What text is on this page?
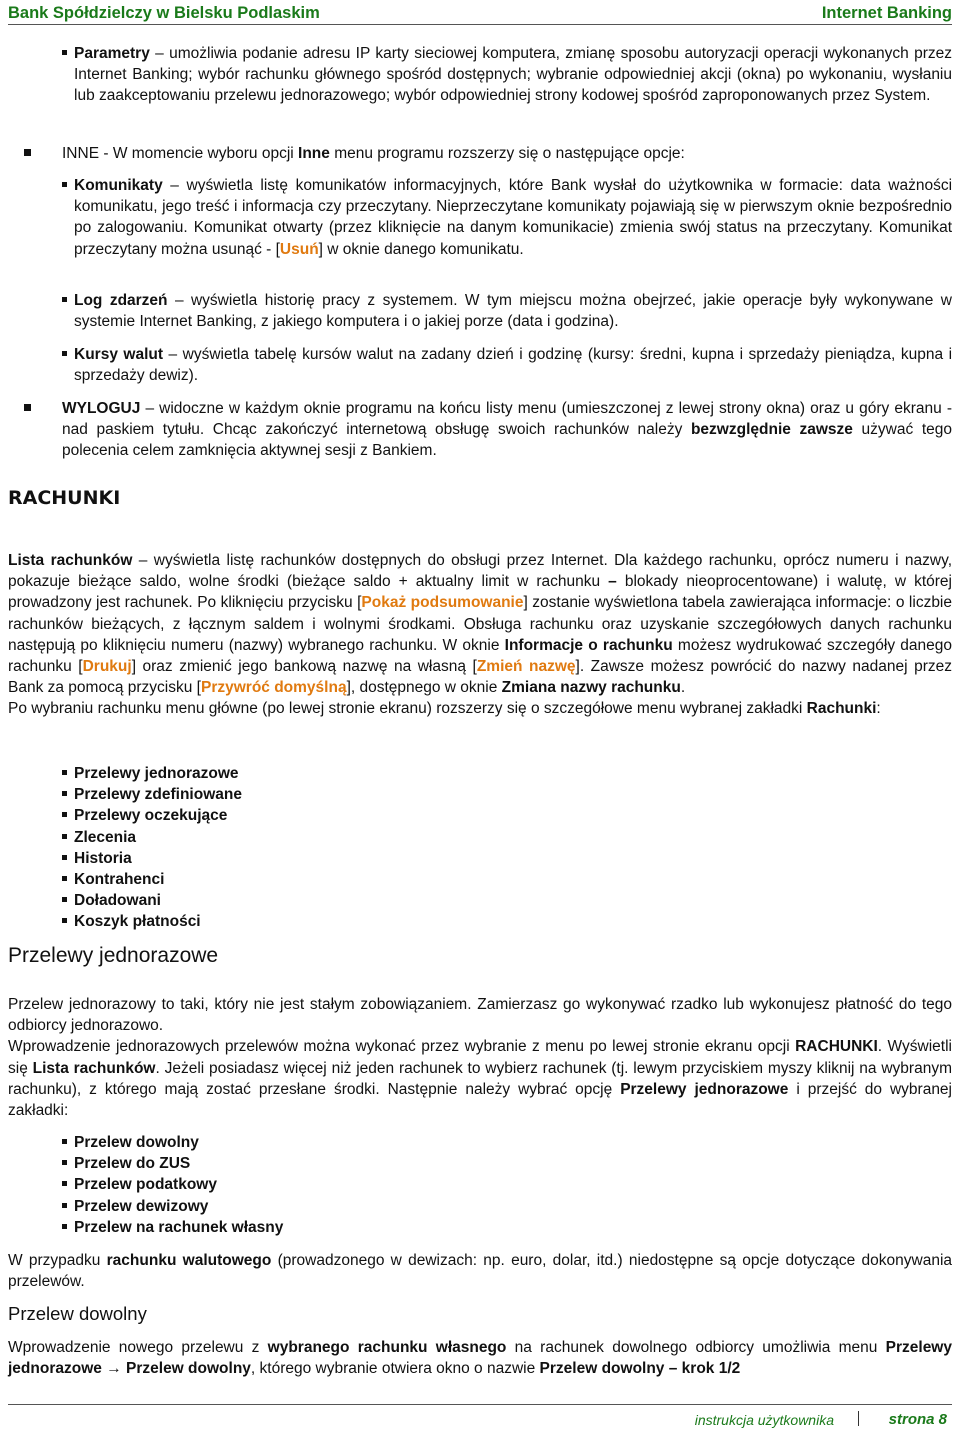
Bank Spółdzielczy w Bielsku Podlaskim	Internet Banking
Parametry – umożliwia podanie adresu IP karty sieciowej komputera, zmianę sposobu autoryzacji operacji wykonanych przez Internet Banking; wybór rachunku głównego spośród dostępnych; wybranie odpowiedniej akcji (okna) po wykonaniu, wysłaniu lub zaakceptowaniu przelewu jednorazowego; wybór odpowiedniej strony kodowej spośród zaproponowanych przez System.
INNE - W momencie wyboru opcji Inne menu programu rozszerzy się o następujące opcje:
Komunikaty – wyświetla listę komunikatów informacyjnych, które Bank wysłał do użytkownika w formacie: data ważności komunikatu, jego treść i informacja czy przeczytany. Nieprzeczytane komunikaty pojawiają się w pierwszym oknie bezpośrednio po zalogowaniu. Komunikat otwarty (przez kliknięcie na danym komunikacie) zmienia swój status na przeczytany. Komunikat przeczytany można usunąć - [Usuń] w oknie danego komunikatu.
Log zdarzeń – wyświetla historię pracy z systemem. W tym miejscu można obejrzeć, jakie operacje były wykonywane w systemie Internet Banking, z jakiego komputera i o jakiej porze (data i godzina).
Kursy walut – wyświetla tabelę kursów walut na zadany dzień i godzinę (kursy: średni, kupna i sprzedaży pieniądza, kupna i sprzedaży dewiz).
WYLOGUJ – widoczne w każdym oknie programu na końcu listy menu (umieszczonej z lewej strony okna) oraz u góry ekranu - nad paskiem tytułu. Chcąc zakończyć internetową obsługę swoich rachunków należy bezwzględnie zawsze używać tego polecenia celem zamknięcia aktywnej sesji z Bankiem.
RACHUNKI
Lista rachunków – wyświetla listę rachunków dostępnych do obsługi przez Internet. Dla każdego rachunku, oprócz numeru i nazwy, pokazuje bieżące saldo, wolne środki (bieżące saldo + aktualny limit w rachunku – blokady nieoprocentowane) i walutę, w której prowadzony jest rachunek. Po kliknięciu przycisku [Pokaż podsumowanie] zostanie wyświetlona tabela zawierająca informacje: o liczbie rachunków bieżących, z łącznym saldem i wolnymi środkami. Obsługa rachunku oraz uzyskanie szczegółowych danych rachunku następują po kliknięciu numeru (nazwy) wybranego rachunku. W oknie Informacje o rachunku możesz wydrukować szczegóły danego rachunku [Drukuj] oraz zmienić jego bankową nazwę na własną [Zmień nazwę]. Zawsze możesz powrócić do nazwy nadanej przez Bank za pomocą przycisku [Przywróć domyślną], dostępnego w oknie Zmiana nazwy rachunku.
Po wybraniu rachunku menu główne (po lewej stronie ekranu) rozszerzy się o szczegółowe menu wybranej zakładki Rachunki:
Przelewy jednorazowe
Przelewy zdefiniowane
Przelewy oczekujące
Zlecenia
Historia
Kontrahenci
Doładowani
Koszyk płatności
Przelewy jednorazowe
Przelew jednorazowy to taki, który nie jest stałym zobowiązaniem. Zamierzasz go wykonywać rzadko lub wykonujesz płatność do tego odbiorcy jednorazowo.
Wprowadzenie jednorazowych przelewów można wykonać przez wybranie z menu po lewej stronie ekranu opcji RACHUNKI. Wyświetli się Lista rachunków. Jeżeli posiadasz więcej niż jeden rachunek to wybierz rachunek (tj. lewym przyciskiem myszy kliknij na wybranym rachunku), z którego mają zostać przesłane środki. Następnie należy wybrać opcję Przelewy jednorazowe i przejść do wybranej zakładki:
Przelew dowolny
Przelew do ZUS
Przelew podatkowy
Przelew dewizowy
Przelew na rachunek własny
W przypadku rachunku walutowego (prowadzonego w dewizach: np. euro, dolar, itd.) niedostępne są opcje dotyczące dokonywania przelewów.
Przelew dowolny
Wprowadzenie nowego przelewu z wybranego rachunku własnego na rachunek dowolnego odbiorcy umożliwia menu Przelewy jednorazowe → Przelew dowolny, którego wybranie otwiera okno o nazwie Przelew dowolny – krok 1/2
instrukcja użytkownika	strona 8
